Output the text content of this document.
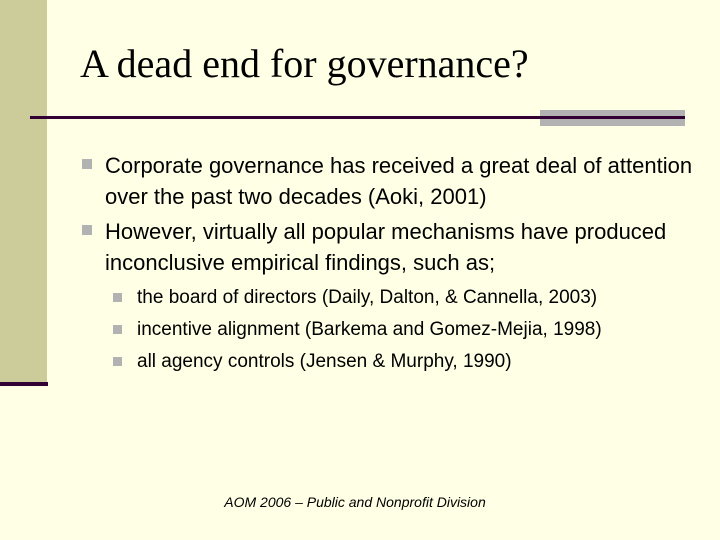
A dead end for governance?
Corporate governance has received a great deal of attention over the past two decades (Aoki, 2001)
However, virtually all popular mechanisms have produced inconclusive empirical findings, such as;
the board of directors (Daily, Dalton, & Cannella, 2003)
incentive alignment (Barkema and Gomez-Mejia, 1998)
all agency controls (Jensen & Murphy, 1990)
AOM 2006 – Public and Nonprofit Division
